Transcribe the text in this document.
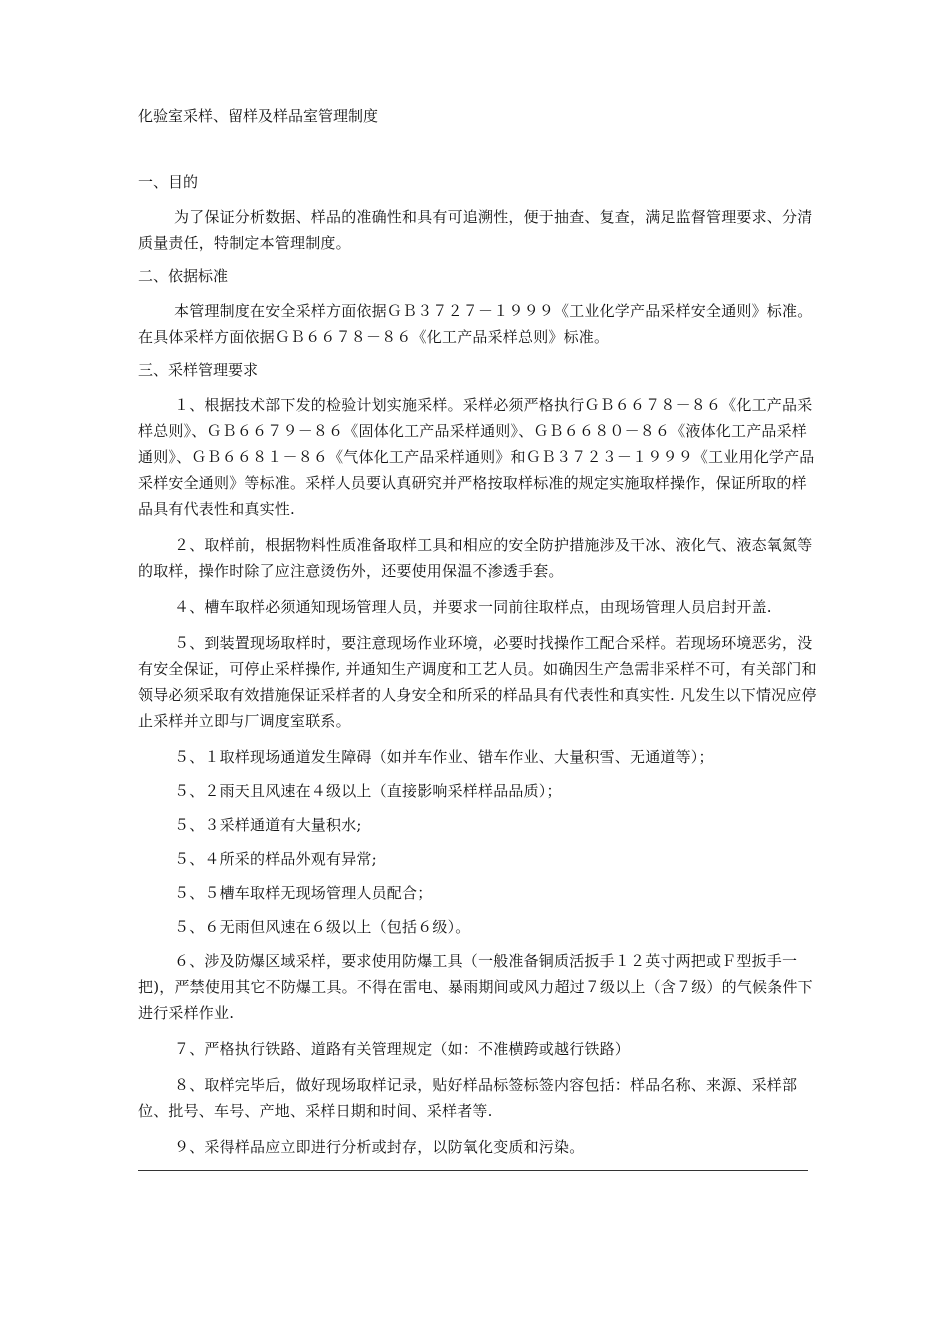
化验室采样、留样及样品室管理制度
一、目的

为了保证分析数据、样品的准确性和具有可追溯性，便于抽查、复查，满足监督管理要求、分清质量责任，特制定本管理制度。

二、依据标准

本管理制度在安全采样方面依据ＧＢ３７２７－１９９９《工业化学产品采样安全通则》标准。在具体采样方面依据ＧＢ６６７８－８６《化工产品采样总则》标准。

三、采样管理要求

１、根据技术部下发的检验计划实施采样。采样必须严格执行ＧＢ６６７８－８６《化工产品采样总则》、ＧＢ６６７９－８６《固体化工产品采样通则》、ＧＢ６６８０－８６《液体化工产品采样通则》、ＧＢ６６８１－８６《气体化工产品采样通则》和ＧＢ３７２３－１９９９《工业用化学产品采样安全通则》等标准。采样人员要认真研究并严格按取样标准的规定实施取样操作，保证所取的样品具有代表性和真实性.

２、取样前，根据物料性质准备取样工具和相应的安全防护措施涉及干冰、液化气、液态氧氮等的取样，操作时除了应注意烫伤外，还要使用保温不渗透手套。

４、槽车取样必须通知现场管理人员，并要求一同前往取样点，由现场管理人员启封开盖.

５、到装置现场取样时，要注意现场作业环境，必要时找操作工配合采样。若现场环境恶劣，没有安全保证，可停止采样操作, 并通知生产调度和工艺人员。如确因生产急需非采样不可，有关部门和领导必须采取有效措施保证采样者的人身安全和所采的样品具有代表性和真实性. 凡发生以下情况应停止采样并立即与厂调度室联系。

５、１取样现场通道发生障碍（如并车作业、错车作业、大量积雪、无通道等）；

５、２雨天且风速在４级以上（直接影响采样样品品质）；

５、３采样通道有大量积水;

５、４所采的样品外观有异常;

５、５槽车取样无现场管理人员配合；

５、６无雨但风速在６级以上（包括６级）。

６、涉及防爆区域采样，要求使用防爆工具（一般准备铜质活扳手１２英寸两把或Ｆ型扳手一把)，严禁使用其它不防爆工具。不得在雷电、暴雨期间或风力超过７级以上（含７级）的气候条件下进行采样作业.

７、严格执行铁路、道路有关管理规定（如：不准横跨或越行铁路）

８、取样完毕后，做好现场取样记录，贴好样品标签标签内容包括：样品名称、来源、采样部位、批号、车号、产地、采样日期和时间、采样者等.

９、采得样品应立即进行分析或封存，以防氧化变质和污染。
